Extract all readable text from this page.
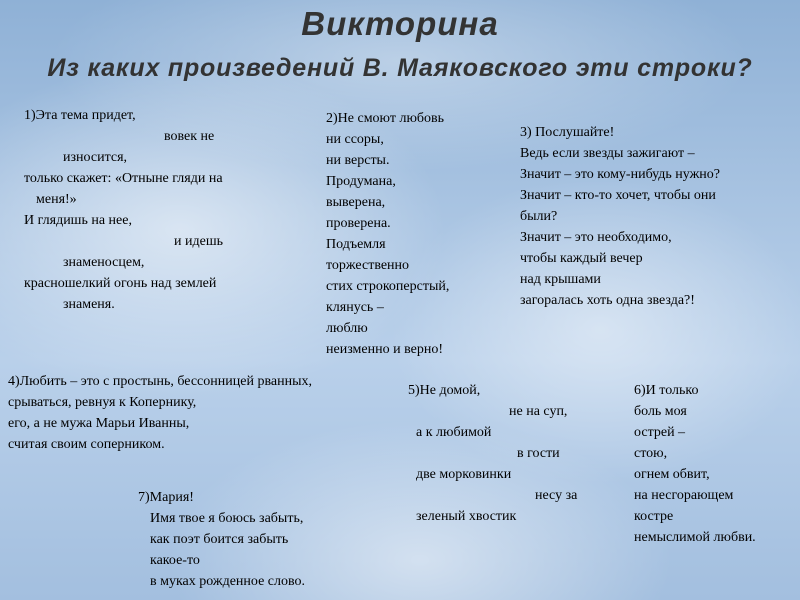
Викторина
Из каких произведений В. Маяковского эти строки?
1)Эта тема придет,
вовек не
износится,
только скажет: «Отныне гляди на
меня!»
И глядишь на нее,
и идешь
знаменосцем,
красношелкий огонь над землей
знаменя.
2)Не смоют любовь
ни ссоры,
ни версты.
Продумана,
выверена,
проверена.
Подъемля
торжественно
стих строкоперстый,
клянусь –
люблю
неизменно и верно!
3) Послушайте!
Ведь если звезды зажигают –
Значит – это кому-нибудь нужно?
Значит – кто-то хочет, чтобы они
были?
Значит – это необходимо,
чтобы каждый вечер
над крышами
загоралась хоть одна звезда?!
4)Любить – это с простынь, бессонницей рванных,
срываться, ревнуя к Копернику,
его, а не мужа Марьи Иванны,
считая своим соперником.
5)Не домой,
не на суп,
а к любимой
в гости
две морковинки
несу за
зеленый хвостик
6)И только
боль моя
острей –
стою,
огнем обвит,
на несгорающем
костре
немыслимой любви.
7)Мария!
Имя твое я боюсь забыть,
как поэт боится забыть
какое-то
в муках рожденное слово.
